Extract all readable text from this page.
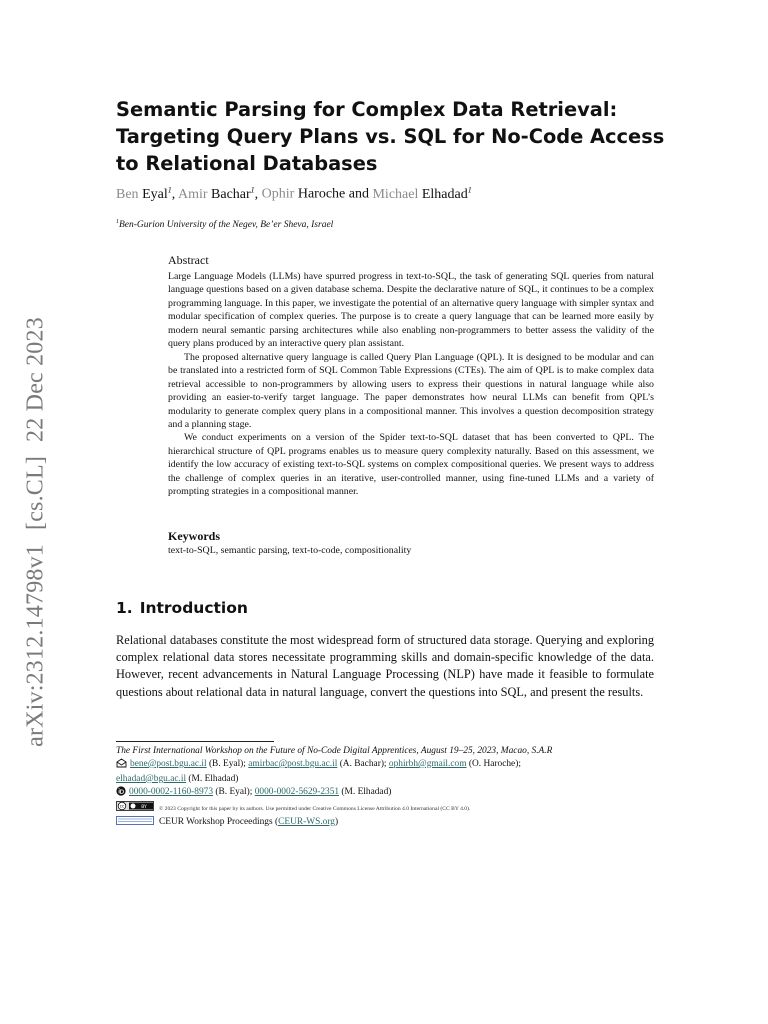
arXiv:2312.14798v1[cs.CL]22 Dec 2023
Semantic Parsing for Complex Data Retrieval: Targeting Query Plans vs. SQL for No-Code Access to Relational Databases
Ben Eyal$^1$, Amir Bachar$^1$, Ophir Haroche and Michael Elhadad$^1$
$^1$Ben-Gurion University of the Negev, Be’er Sheva, Israel

Abstract

Large Language Models (LLMs) have spurred progress in text-to-SQL, the task of generating SQL queries from natural language questions based on a given database schema. Despite the declarative nature of SQL, it continues to be a complex programming language. In this paper, we investigate the potential of an alternative query language with simpler syntax and modular specification of complex queries. The purpose is to create a query language that can be learned more easily by modern neural semantic parsing architectures while also enabling non-programmers to better assess the validity of the query plans produced by an interactive query plan assistant.

The proposed alternative query language is called Query Plan Language (QPL). It is designed to be modular and can be translated into a restricted form of SQL Common Table Expressions (CTEs). The aim of QPL is to make complex data retrieval accessible to non-programmers by allowing users to express their questions in natural language while also providing an easier-to-verify target language. The paper demonstrates how neural LLMs can benefit from QPL’s modularity to generate complex query plans in a compositional manner. This involves a question decomposition strategy and a planning stage.

We conduct experiments on a version of the Spider text-to-SQL dataset that has been converted to QPL. The hierarchical structure of QPL programs enables us to measure query complexity naturally. Based on this assessment, we identify the low accuracy of existing text-to-SQL systems on complex compositional queries. We present ways to address the challenge of complex queries in an iterative, user-controlled manner, using fine-tuned LLMs and a variety of prompting strategies in a compositional manner.

Keywords

text-to-SQL, semantic parsing, text-to-code, compositionality

1. Introduction

Relational databases constitute the most widespread form of structured data storage. Querying and exploring complex relational data stores necessitate programming skills and domain-specific knowledge of the data. However, recent advancements in Natural Language Processing (NLP) have made it feasible to formulate questions about relational data in natural language, convert the questions into SQL, and present the results.

The First International Workshop on the Future of No-Code Digital Apprentices, August 19–25, 2023, Macao, S.A.R
bene@post.bgu.ac.il (B. Eyal); amirbac@post.bgu.ac.il (A. Bachar); ophirbh@gmail.com (O. Haroche);
elhadad@bgu.ac.il (M. Elhadad)
0000-0002-1160-8973 (B. Eyal); 0000-0002-5629-2351 (M. Elhadad)
cc	BY © 2023 Copyright for this paper by its authors. Use permitted under Creative Commons License Attribution 4.0 International (CC BY 4.0).
CEUR Workshop Proceedings (CEUR-WS.org)
